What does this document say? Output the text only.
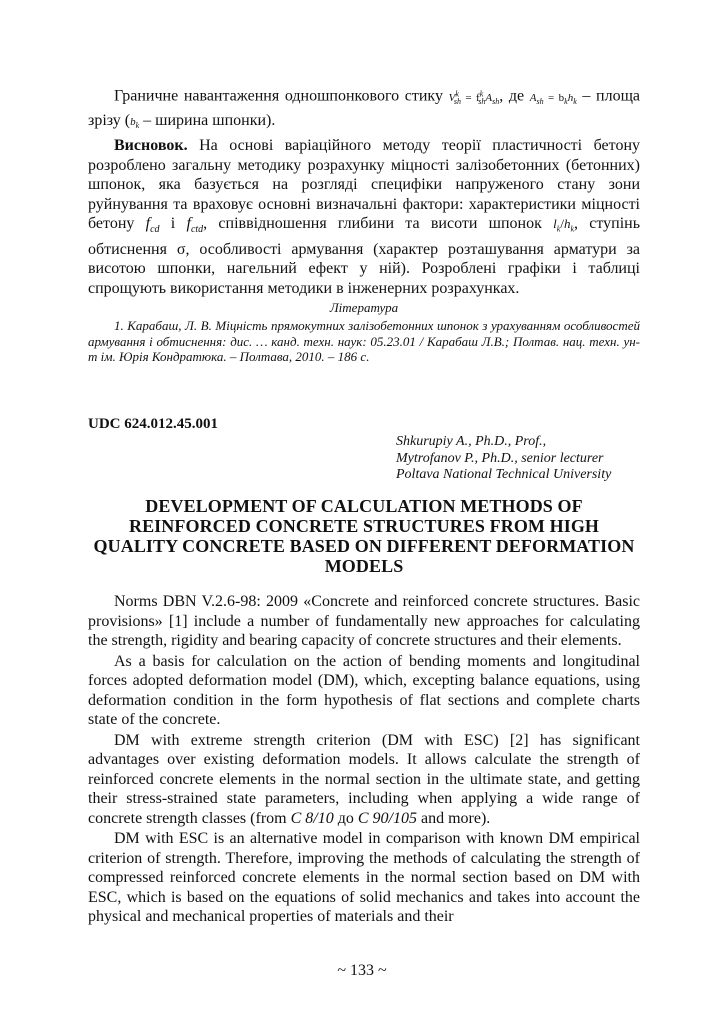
Граничне навантаження одношпонкового стику $V^k_{sh} = f^k_{sh}A_{sh}$, де $A_{sh} = b_kh_k$ – площа зрізу ($b_k$ – ширина шпонки).

Висновок. На основі варіаційного методу теорії пластичності бетону розроблено загальну методику розрахунку міцності залізобетонних (бетонних) шпонок, яка базується на розгляді специфіки напруженого стану зони руйнування та враховує основні визначальні фактори: характеристики міцності бетону $f_{cd}$ і $f_{ctd}$, співвідношення глибини та висоти шпонок $l_k/h_k$, ступінь обтиснення σ, особливості армування (характер розташування арматури за висотою шпонки, нагельний ефект у ній). Розроблені графіки і таблиці спрощують використання методики в інженерних розрахунках.

Література

1. Карабаш, Л. В. Міцність прямокутних залізобетонних шпонок з урахуванням особливостей армування і обтиснення: дис. … канд. техн. наук: 05.23.01 / Карабаш Л.В.; Полтав. нац. техн. ун-т ім. Юрія Кондратюка. – Полтава, 2010. – 186 с.

UDC 624.012.45.001
Shkurupiy A., Ph.D., Prof.,
Mytrofanov P., Ph.D., senior lecturer
Poltava National Technical University
DEVELOPMENT OF CALCULATION METHODS OF REINFORCED CONCRETE STRUCTURES FROM HIGH QUALITY CONCRETE BASED ON DIFFERENT DEFORMATION MODELS

Norms DBN V.2.6-98: 2009 «Concrete and reinforced concrete structures. Basic provisions» [1] include a number of fundamentally new approaches for calculating the strength, rigidity and bearing capacity of concrete structures and their elements.

As a basis for calculation on the action of bending moments and longitudinal forces adopted deformation model (DM), which, excepting balance equations, using deformation condition in the form hypothesis of flat sections and complete charts state of the concrete.

DM with extreme strength criterion (DM with ESC) [2] has significant advantages over existing deformation models. It allows calculate the strength of reinforced concrete elements in the normal section in the ultimate state, and getting their stress-strained state parameters, including when applying a wide range of concrete strength classes (from C 8/10 до C 90/105 and more).

DM with ESC is an alternative model in comparison with known DM empirical criterion of strength. Therefore, improving the methods of calculating the strength of compressed reinforced concrete elements in the normal section based on DM with ESC, which is based on the equations of solid mechanics and takes into account the physical and mechanical properties of materials and their

~ 133 ~
